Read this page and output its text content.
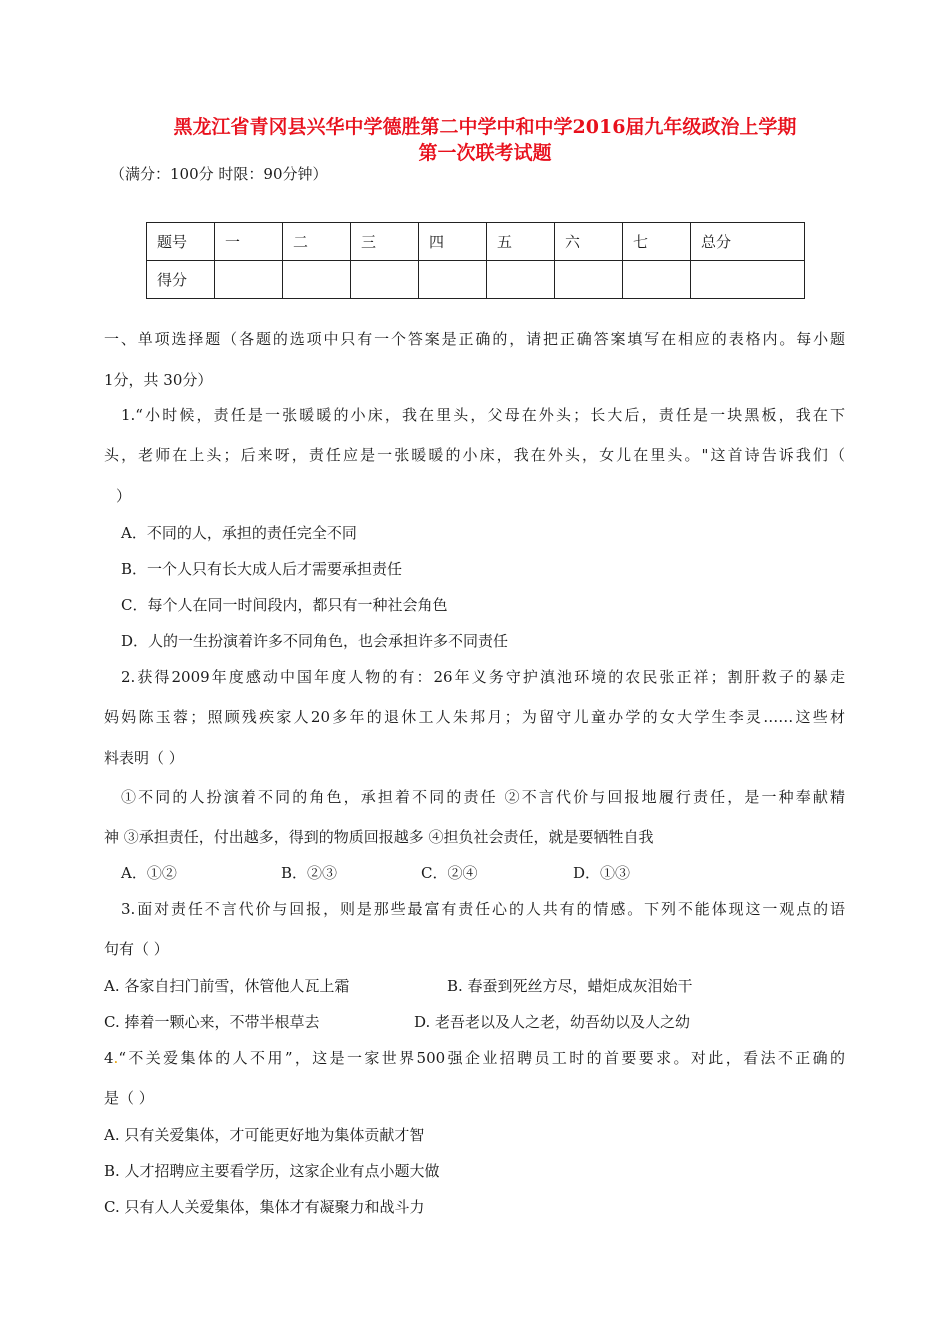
黑龙江省青冈县兴华中学德胜第二中学中和中学2016届九年级政治上学期
第一次联考试题
（满分：100分 时限：90分钟）
题号	一	二	三	四	五	六	七	总分
得分								
一、单项选择题（各题的选项中只有一个答案是正确的，请把正确答案填写在相应的表格内。每小题
1分，共 30分）
1.“小时候，责任是一张暖暖的小床，我在里头，父母在外头；长大后，责任是一块黑板，我在下
头，老师在上头；后来呀，责任应是一张暖暖的小床，我在外头，女儿在里头。"这首诗告诉我们（
）
A．不同的人，承担的责任完全不同
B．一个人只有长大成人后才需要承担责任
C．每个人在同一时间段内，都只有一种社会角色
D．人的一生扮演着许多不同角色，也会承担许多不同责任
2.获得2009年度感动中国年度人物的有：26年义务守护滇池环境的农民张正祥；割肝救子的暴走
妈妈陈玉蓉；照顾残疾家人20多年的退休工人朱邦月；为留守儿童办学的女大学生李灵……这些材
料表明（ ）
①不同的人扮演着不同的角色，承担着不同的责任 ②不言代价与回报地履行责任，是一种奉献精
神 ③承担责任，付出越多，得到的物质回报越多 ④担负社会责任，就是要牺牲自我
A．①②	B．②③	C．②④	D．①③
3.面对责任不言代价与回报，则是那些最富有责任心的人共有的情感。下列不能体现这一观点的语
句有（ ）
A. 各家自扫门前雪，休管他人瓦上霜	B. 春蚕到死丝方尽，蜡炬成灰泪始干
C. 捧着一颗心来，不带半根草去	D. 老吾老以及人之老，幼吾幼以及人之幼
4.“不关爱集体的人不用”，这是一家世界500强企业招聘员工时的首要要求。对此，看法不正确的
是（ ）
A. 只有关爱集体，才可能更好地为集体贡献才智
B. 人才招聘应主要看学历，这家企业有点小题大做
C. 只有人人关爱集体，集体才有凝聚力和战斗力
